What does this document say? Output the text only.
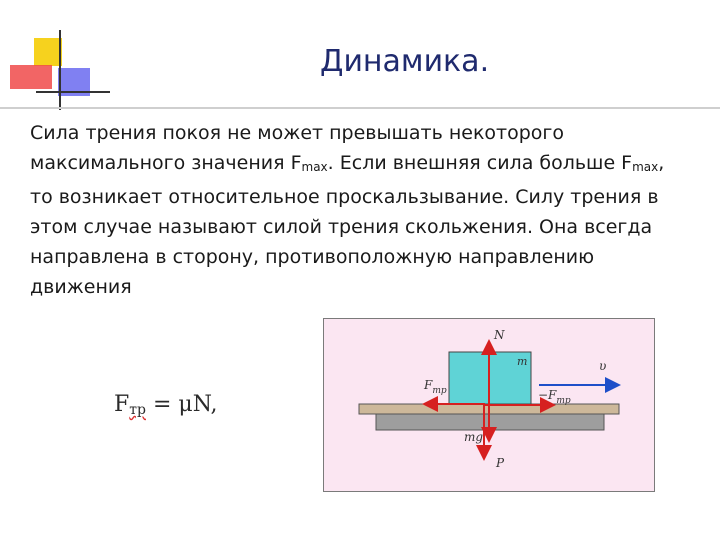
Динамика.

Сила трения покоя не может превышать некоторого
максимального значения $F_{max}$. Если внешняя сила больше $F_{max}$,
то возникает относительное проскальзывание. Силу трения в
этом случае называют силой трения скольжения. Она всегда
направлена в сторону, противоположную направлению
движения

Fтр = μN,
N
m	υ
$F_{тр}$	$-F_{тр}$
mg
P
